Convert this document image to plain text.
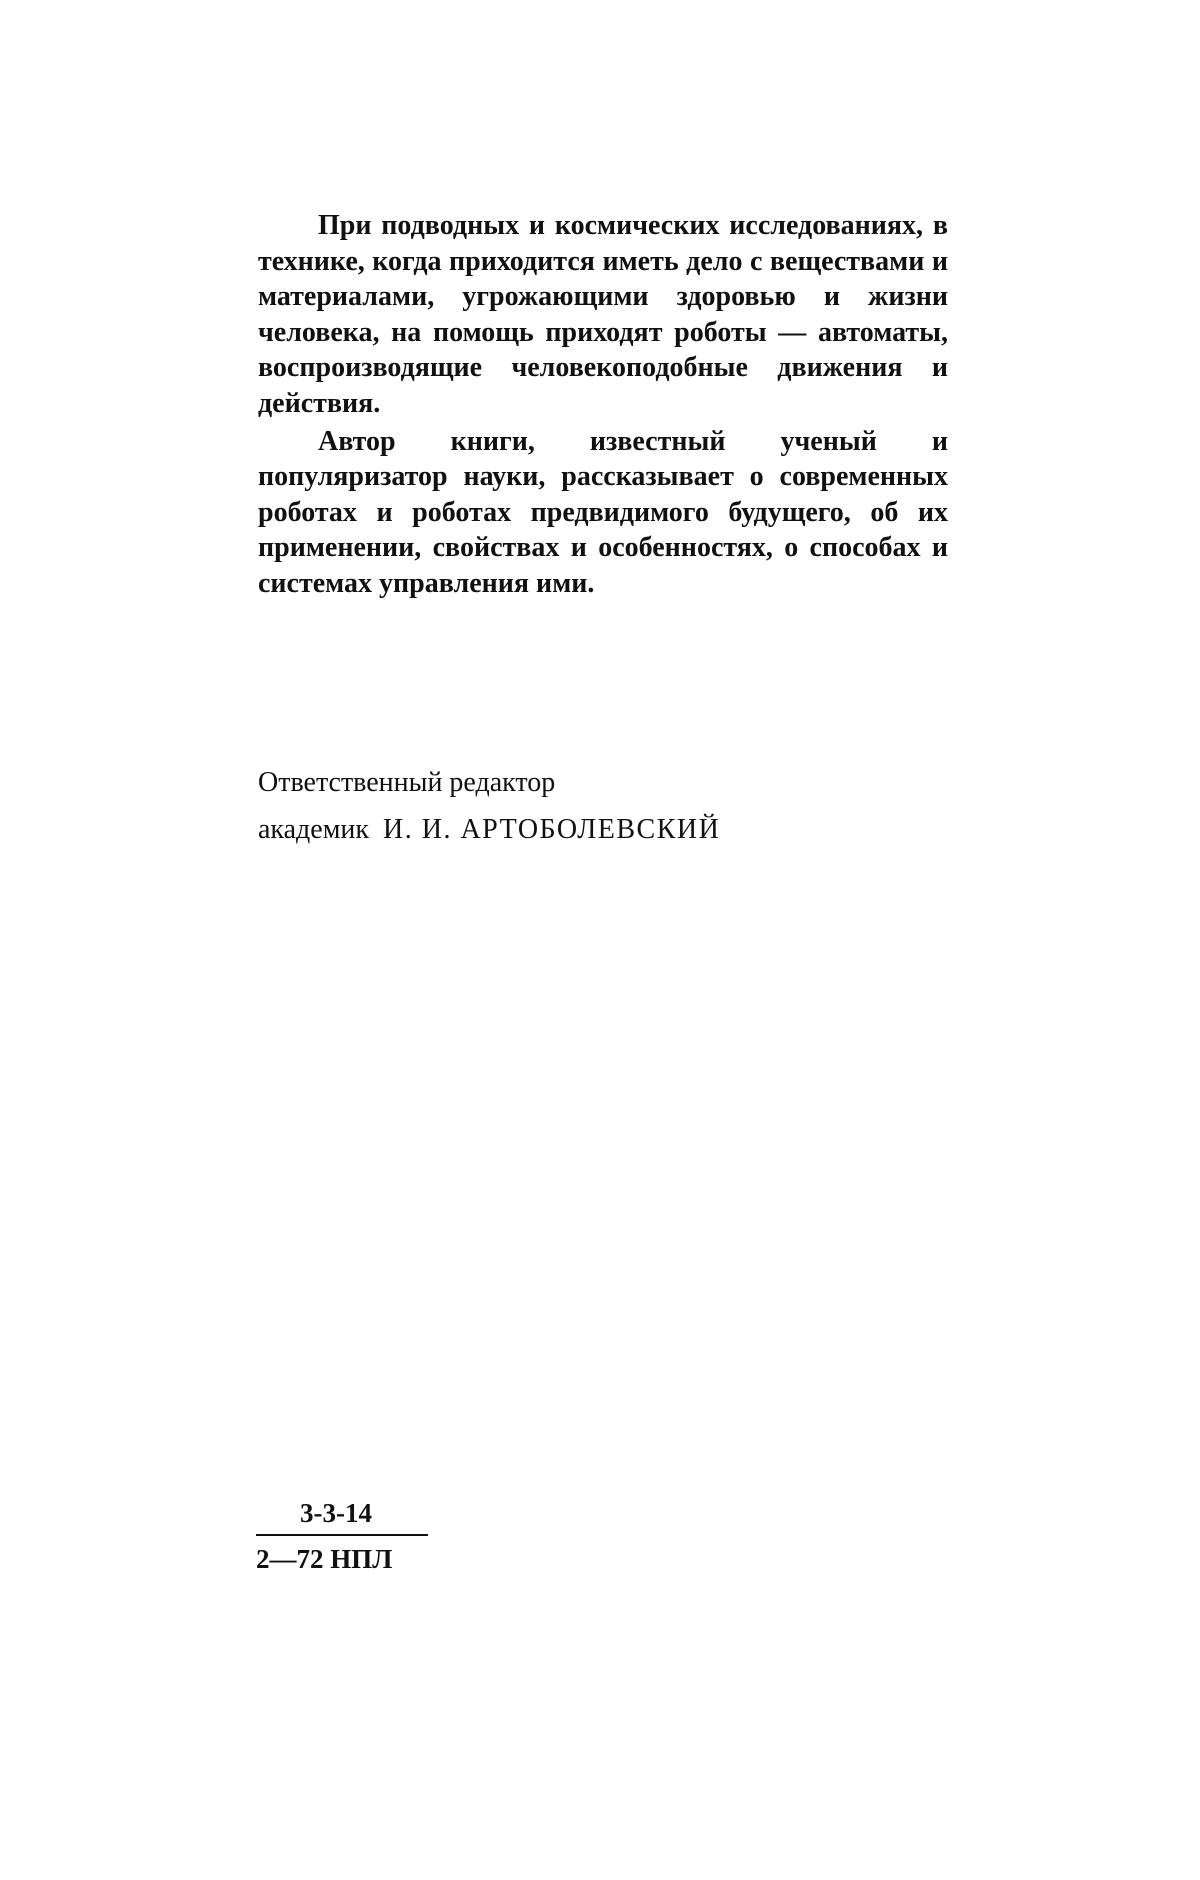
При подводных и космических исследованиях, в технике, когда приходится иметь дело с веществами и материалами, угрожающими здоровью и жизни человека, на помощь приходят роботы — автоматы, воспроизводящие человекоподобные движения и действия.

Автор книги, известный ученый и популяризатор науки, рассказывает о современных роботах и роботах предвидимого будущего, об их применении, свойствах и особенностях, о способах и системах управления ими.

Ответственный редактор
академик И. И. АРТОБОЛЕВСКИЙ
3-3-14
2—72 НПЛ
